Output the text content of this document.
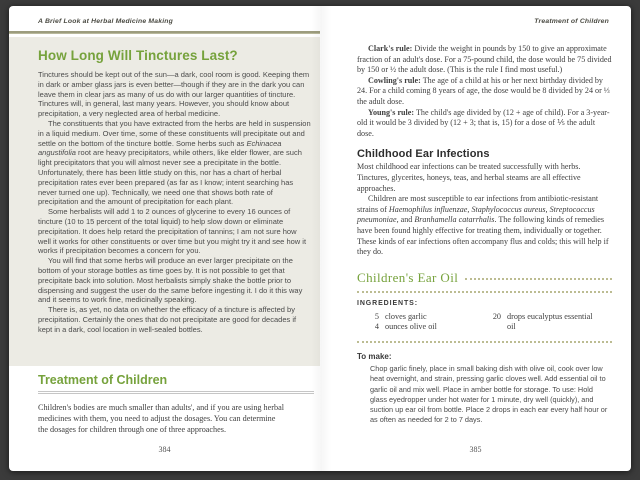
A Brief Look at Herbal Medicine Making
How Long Will Tinctures Last?

Tinctures should be kept out of the sun—a dark, cool room is good. Keeping them in dark or amber glass jars is even better—though if they are in the dark you can leave them in clear jars as many of us do with our larger quantities of tincture. Tinctures will, in general, last many years. However, you should know about precipitation, a very neglected area of herbal medicine.

The constituents that you have extracted from the herbs are held in suspension in a liquid medium. Over time, some of these constituents will precipitate out and settle on the bottom of the tincture bottle. Some herbs such as Echinacea angustifolia root are heavy precipitators, while others, like elder flower, are such light precipitators that you will almost never see a precipitate in the bottle. Unfortunately, there has been little study on this, nor has a chart of herbal precipitation rates ever been prepared (as far as I know; intent searching has never turned one up). Technically, we need one that shows both rate of precipitation and the amount of precipitation for each plant.

Some herbalists will add 1 to 2 ounces of glycerine to every 16 ounces of tincture (10 to 15 percent of the total liquid) to help slow down or eliminate precipitation. It does help retard the precipitation of tannins; I am not sure how well it works for other constituents or over time but you might try it and see how it works if precipitation becomes a concern for you.

You will find that some herbs will produce an ever larger precipitate on the bottom of your storage bottles as time goes by. It is not possible to get that precipitate back into solution. Most herbalists simply shake the bottle prior to dispensing and suggest the user do the same before ingesting it. I do it this way and it seems to work fine, medicinally speaking.

There is, as yet, no data on whether the efficacy of a tincture is affected by precipitation. Certainly the ones that do not precipitate are good for decades if kept in a dark, cool location in well-sealed bottles.

Treatment of Children

Children's bodies are much smaller than adults', and if you are using herbal medicines with them, you need to adjust the dosages. You can determine the dosages for children through one of three approaches.

384
Treatment of Children

Clark's rule: Divide the weight in pounds by 150 to give an approximate fraction of an adult's dose. For a 75-pound child, the dose would be 75 divided by 150 or ½ the adult dose. (This is the rule I find most useful.)

Cowling's rule: The age of a child at his or her next birthday divided by 24. For a child coming 8 years of age, the dose would be 8 divided by 24 or ⅓ the adult dose.

Young's rule: The child's age divided by (12 + age of child). For a 3-year-old it would be 3 divided by (12 + 3; that is, 15) for a dose of ⅕ the adult dose.

Childhood Ear Infections

Most childhood ear infections can be treated successfully with herbs. Tinctures, glycerites, honeys, teas, and herbal steams are all effective approaches.

Children are most susceptible to ear infections from antibiotic-resistant strains of Haemophilus influenzae, Staphylococcus aureus, Streptococcus pneumoniae, and Branhamella catarrhalis. The following kinds of remedies have been found highly effective for treating them, individually or together. These kinds of ear infections often accompany flus and colds; this will help if they do.

Children's Ear Oil
INGREDIENTS:
5 cloves garlic
4 ounces olive oil
20 drops eucalyptus essential oil
To make:

Chop garlic finely, place in small baking dish with olive oil, cook over low heat overnight, and strain, pressing garlic cloves well. Add essential oil to garlic oil and mix well. Place in amber bottle for storage. To use: Hold glass eyedropper under hot water for 1 minute, dry well (quickly), and suction up ear oil from bottle. Place 2 drops in each ear every half hour or as often as needed for 2 to 7 days.

385
